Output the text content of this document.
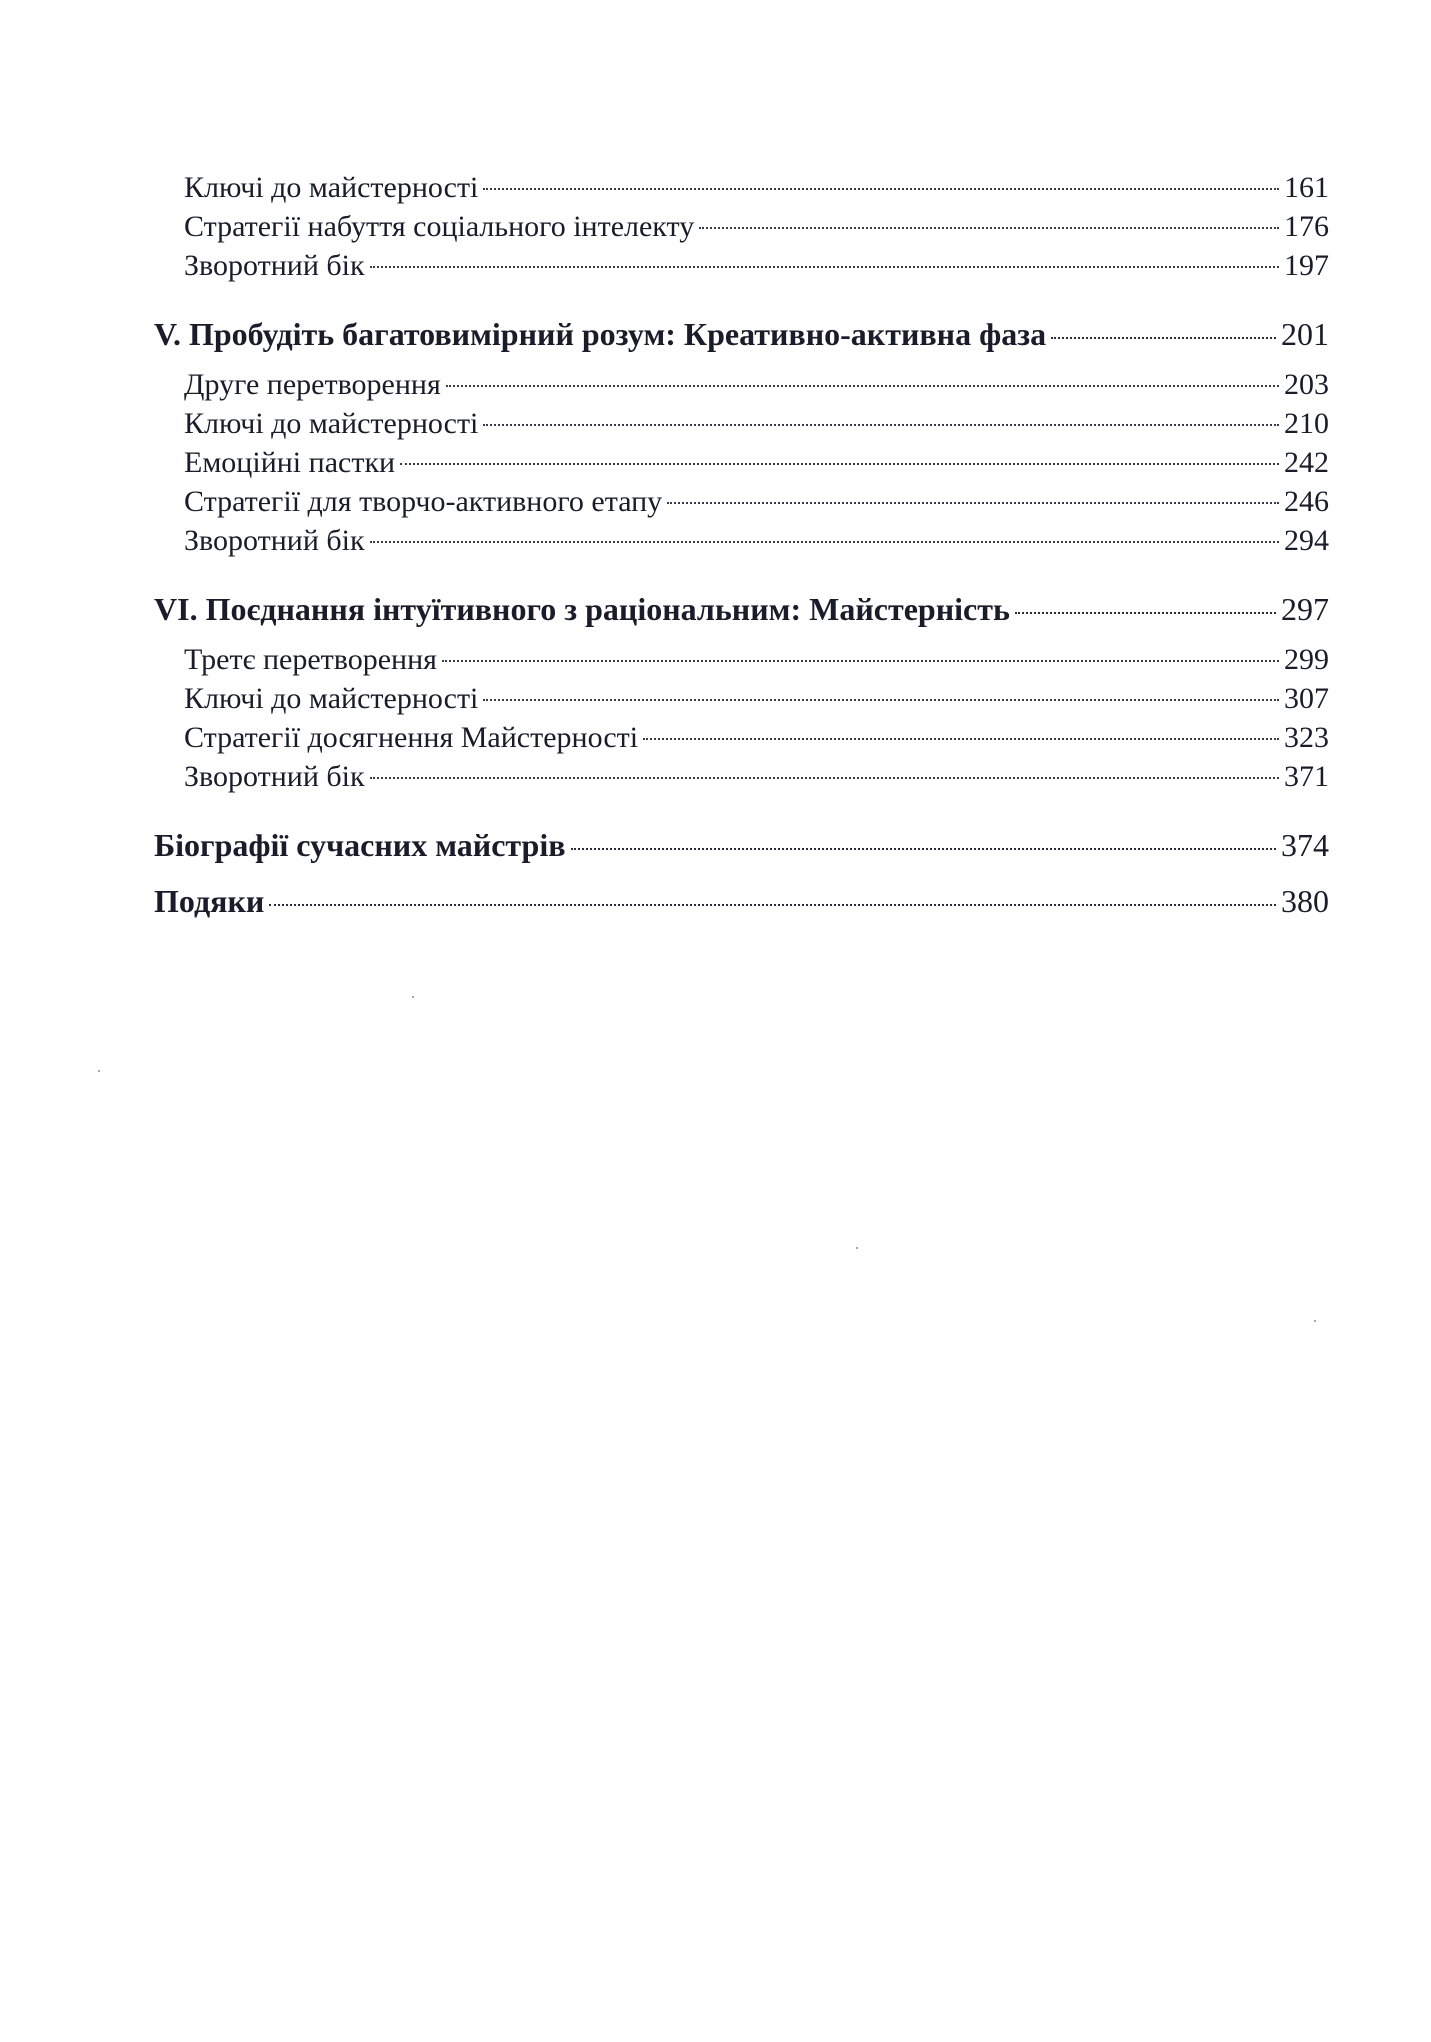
Ключі до майстерності	161
Стратегії набуття соціального інтелекту	176
Зворотний бік	197
V. Пробудіть багатовимірний розум: Креативно-активна фаза	201
Друге перетворення	203
Ключі до майстерності	210
Емоційні пастки	242
Стратегії для творчо-активного етапу	246
Зворотний бік	294
VI. Поєднання інтуїтивного з раціональним: Майстерність	297
Третє перетворення	299
Ключі до майстерності	307
Стратегії досягнення Майстерності	323
Зворотний бік	371
Біографії сучасних майстрів	374
Подяки	380
